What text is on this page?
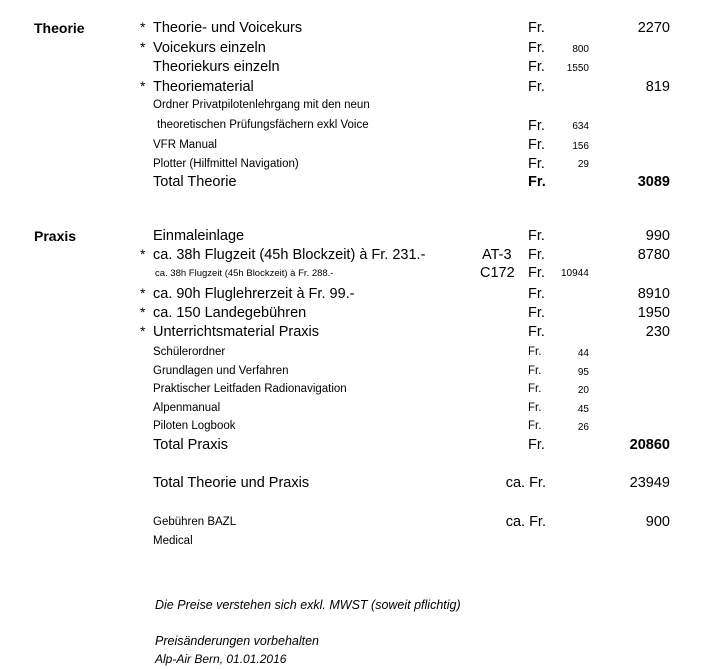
Theorie	* Theorie- und Voicekurs	Fr.	2270
* Voicekurs einzeln	Fr.	800
Theoriekurs einzeln	Fr. 1550
* Theoriematerial	Fr.	819
Ordner Privatpilotenlehrgang mit den neun
theoretischen Prüfungsfächern exkl Voice	Fr.	634
VFR Manual	Fr.	156
Plotter (Hilfmittel Navigation)	Fr.	29
Total Theorie	Fr.	3089
Praxis	Einmaleinlage	Fr.	990
* ca. 38h Flugzeit (45h Blockzeit) à Fr. 231.-	AT-3 Fr.	8780
ca. 38h Flugzeit (45h Blockzeit) à Fr. 288.-	C172 Fr. 10944
* ca. 90h Fluglehrerzeit à Fr. 99.-	Fr.	8910
* ca. 150 Landegebühren	Fr.	1950
* Unterrichtsmaterial Praxis	Fr.	230
Schülerordner	Fr.	44
Grundlagen und Verfahren	Fr.	95
Praktischer Leitfaden Radionavigation	Fr.	20
Alpenmanual	Fr.	45
Piloten Logbook	Fr.	26
Total Praxis	Fr.	20860
Total Theorie und Praxis	ca. Fr.	23949
Gebühren BAZL	ca. Fr.	900
Medical
Die Preise verstehen sich exkl. MWST (soweit pflichtig)
Preisänderungen vorbehalten
Alp-Air Bern, 01.01.2016
